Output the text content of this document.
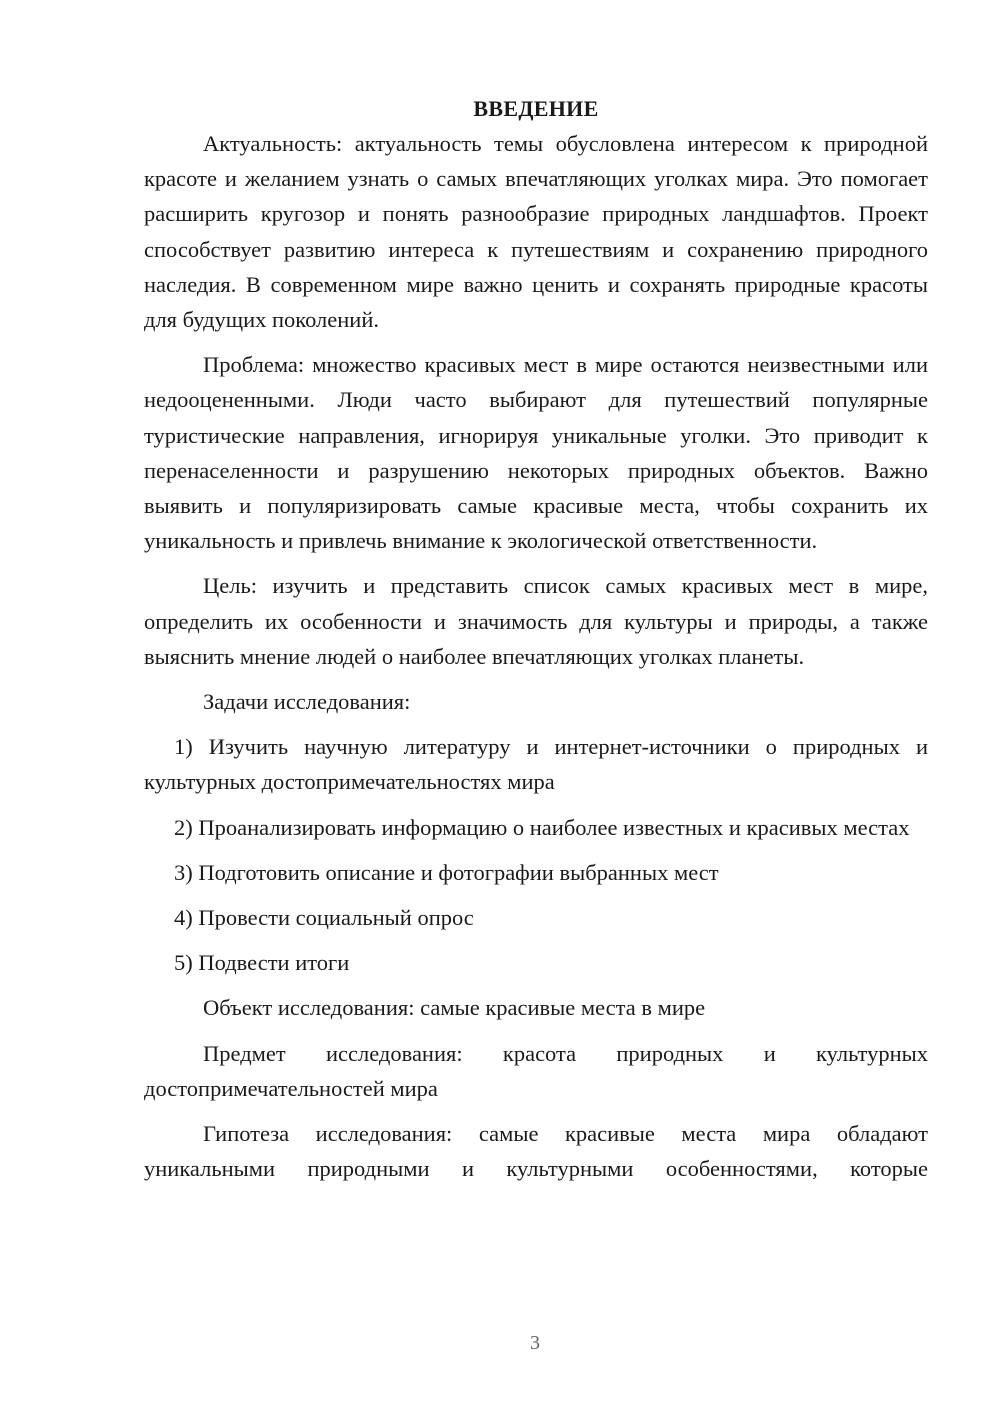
ВВЕДЕНИЕ

Актуальность: актуальность темы обусловлена интересом к природной красоте и желанием узнать о самых впечатляющих уголках мира. Это помогает расширить кругозор и понять разнообразие природных ландшафтов. Проект способствует развитию интереса к путешествиям и сохранению природного наследия. В современном мире важно ценить и сохранять природные красоты для будущих поколений.

Проблема: множество красивых мест в мире остаются неизвестными или недооцененными. Люди часто выбирают для путешествий популярные туристические направления, игнорируя уникальные уголки. Это приводит к перенаселенности и разрушению некоторых природных объектов. Важно выявить и популяризировать самые красивые места, чтобы сохранить их уникальность и привлечь внимание к экологической ответственности.

Цель: изучить и представить список самых красивых мест в мире, определить их особенности и значимость для культуры и природы, а также выяснить мнение людей о наиболее впечатляющих уголках планеты.

Задачи исследования:

1) Изучить научную литературу и интернет-источники о природных и культурных достопримечательностях мира

2) Проанализировать информацию о наиболее известных и красивых местах

3) Подготовить описание и фотографии выбранных мест

4) Провести социальный опрос

5) Подвести итоги

Объект исследования: самые красивые места в мире

Предмет исследования: красота природных и культурных достопримечательностей мира

Гипотеза исследования: самые красивые места мира обладают уникальными природными и культурными особенностями, которые

3
